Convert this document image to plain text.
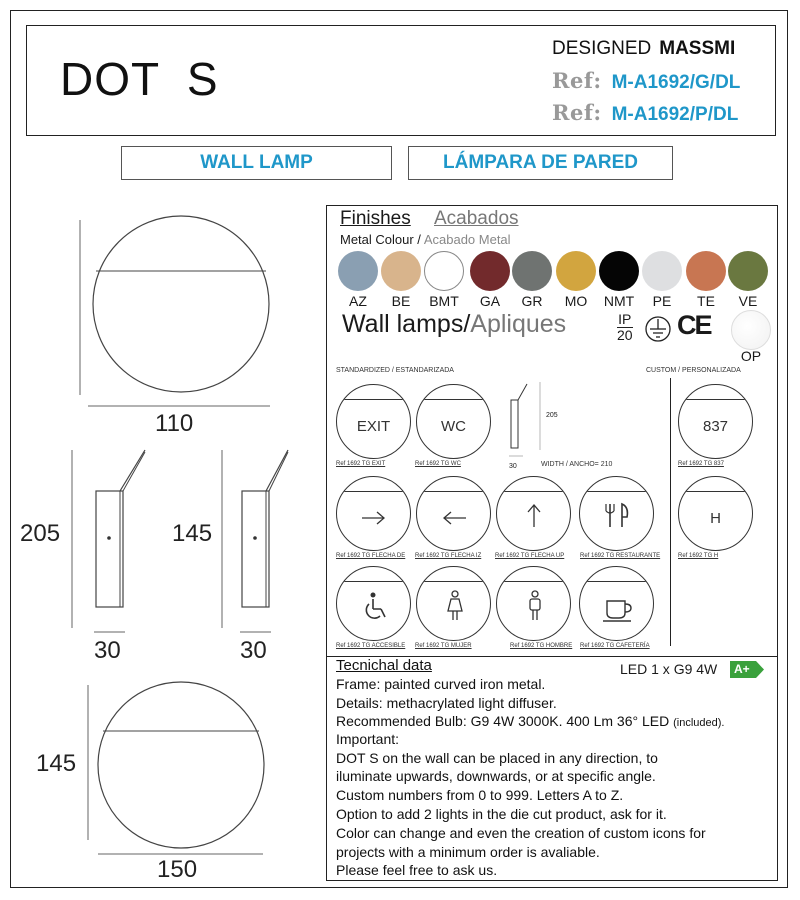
DOT  S
DESIGNED MASSMI
Ref: M-A1692/G/DL
Ref: M-A1692/P/DL
WALL LAMP	LÁMPARA DE PARED
110
205
30
145
30
145
150
Finishes Acabados
Metal Colour / Acabado Metal
AZ	BE	BMT	GA	GR	MO	NMT	PE	TE	VE
Wall lamps/Apliques	IP
20 CE
OP
STANDARDIZED / ESTANDARIZADA	CUSTOM / PERSONALIZADA
205
30	WIDTH / ANCHO= 210
EXIT	WC	837
Ref 1692 TG EXIT	Ref 1692 TG WC	Ref 1692 TG 837
H
Ref 1692 TG FLECHA DE Ref 1692 TG FLECHA IZ Ref 1692 TG FLECHA UP	Ref 1692 TG RESTAURANTE	Ref 1692 TG H
Ref 1692 TG ACCESIBLE Ref 1692 TG MUJER	Ref 1692 TG HOMBRE Ref 1692 TG CAFETERÍA
Tecnichal data	LED 1 x G9 4W A+
Frame: painted curved iron metal.
Details: methacrylated light diffuser.
Recommended Bulb: G9 4W 3000K. 400 Lm 36° LED (included).
Important:
DOT S on the wall can be placed in any direction, to
iluminate upwards, downwards, or at specific angle.
Custom numbers from 0 to 999. Letters A to Z.
Option to add 2 lights in the die cut product, ask for it.
Color can change and even the creation of custom icons for
projects with a minimum order is avaliable.
Please feel free to ask us.
